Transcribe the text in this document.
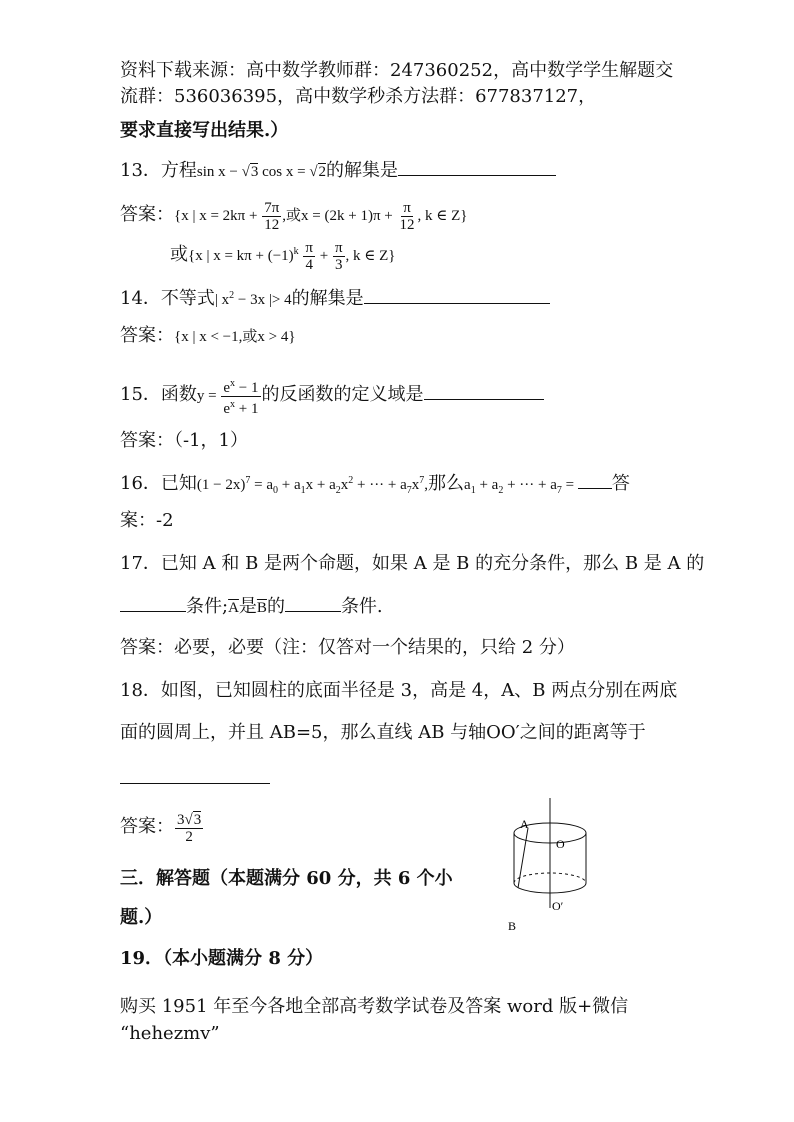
资料下载来源：高中数学教师群：247360252，高中数学学生解题交
流群：536036395，高中数学秒杀方法群：677837127，
要求直接写出结果.）
13．方程sin x − √3 cos x = √2的解集是
答案：{x | $x = 2k\pi + \frac{7\pi}{12}$ ,或$x = (2k + 1)\pi + \frac{\pi}{12}$ , k ∈ Z}
或{x | $x = k\pi + (-1)^k \frac{\pi}{4} + \frac{\pi}{3}$ , k ∈ Z}
14．不等式| $x^2 - 3x$ |> 4的解集是
答案：{x | x < −1,或x > 4}
15．函数$y = \frac{e^x - 1}{e^x + 1}$ 的反函数的定义域是
答案：（-1，1）
16．已知$(1 - 2x)^7 = a_0 + a_1x + a_2x^2$ + ··· + $a_7x^7$,那么$a_1 + a_2$ + ··· + $a_7$ = 答
案：-2
17．已知 A 和 B 是两个命题，如果 A 是 B 的充分条件，那么 B 是 A 的
条件$;\overline{A}$是$\overline{B}$的	条件.
答案：必要，必要（注：仅答对一个结果的，只给 2 分）
18．如图，已知圆柱的底面半径是 3，高是 4，A、B 两点分别在两底
面的圆周上，并且 AB=5，那么直线 AB 与轴OO′之间的距离等于
答案： $\frac{3√3}{2}$	A
O
O′
B
三．解答题（本题满分 60 分，共 6 个小
题.）
19．（本小题满分 8 分）
购买 1951 年至今各地全部高考数学试卷及答案 word 版+微信
“hehezmv”
